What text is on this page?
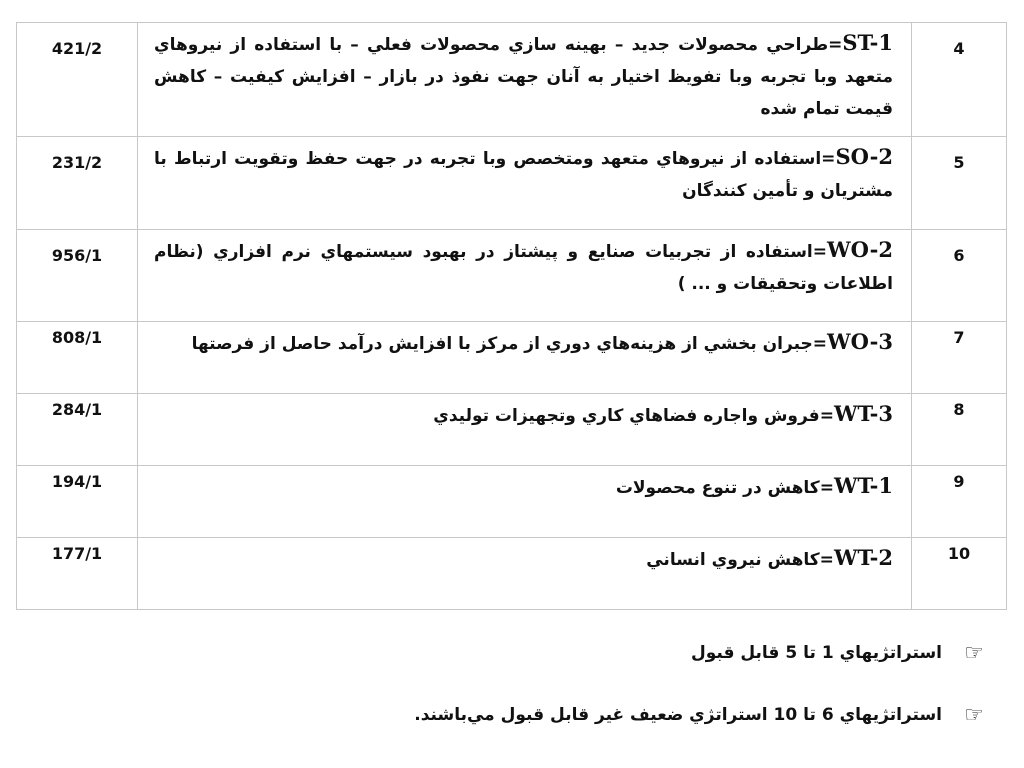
421/2	ST-1=طراحي محصولات جديد – بهينه سازي محصولات فعلي – با استفاده از نيروهاي متعهد وبا تجربه وبا تفويظ اختيار به آنان جهت نفوذ در بازار – افزايش کيفيت – کاهش قيمت تمام شده	4

231/2	SO-2=استفاده از نيروهاي متعهد ومتخصص وبا تجربه در جهت حفظ وتقويت ارتباط با مشتريان و تأمين کنندگان	5

956/1	WO-2=استفاده از تجربيات صنايع و پيشتاز در بهبود سيستمهاي نرم افزاري (نظام اطلاعات وتحقيقات و ... )	6

808/1	WO-3=جبران بخشي از هزينه‌هاي دوري از مرکز با افزايش درآمد حاصل از فرصتها	7

284/1	WT-3=فروش واجاره فضاهاي کاري وتجهيزات توليدي	8

194/1	WT-1=کاهش در تنوع محصولات	9

177/1	WT-2=کاهش نيروي انساني	10
☜
استراتژيهاي 1 تا 5 قابل قبول
☜
استراتژيهاي 6 تا 10 استراتژي ضعيف غير قابل قبول مي‌باشند.
